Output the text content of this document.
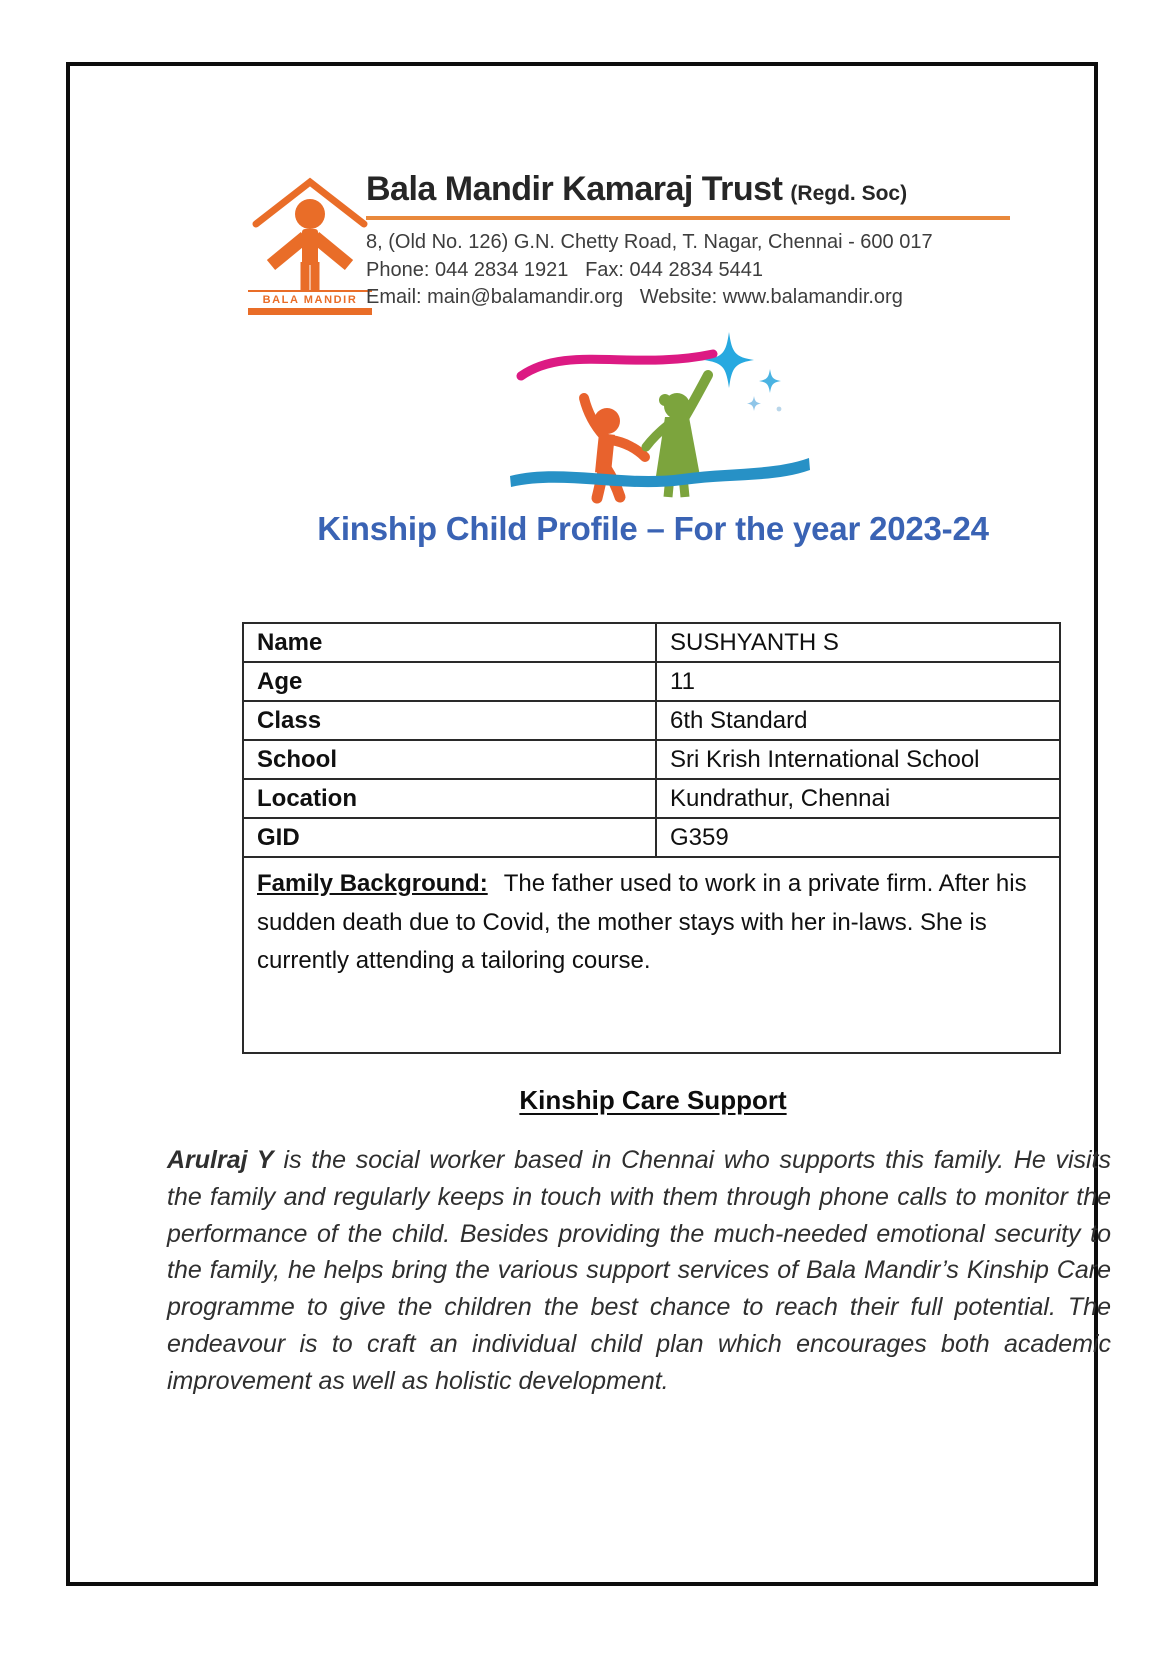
BALA MANDIR
Bala Mandir Kamaraj Trust (Regd. Soc)
8, (Old No. 126) G.N. Chetty Road, T. Nagar, Chennai - 600 017
Phone: 044 2834 1921   Fax: 044 2834 5441
Email: main@balamandir.org   Website: www.balamandir.org
Kinship Child Profile – For the year 2023-24
Name	SUSHYANTH S
Age	11
Class	6th Standard
School	Sri Krish International School
Location	Kundrathur, Chennai
GID	G359
Family Background: The father used to work in a private firm. After his sudden death due to Covid, the mother stays with her in-laws. She is currently attending a tailoring course.	
Kinship Care Support

Arulraj Y is the social worker based in Chennai who supports this family. He visits the family and regularly keeps in touch with them through phone calls to monitor the performance of the child. Besides providing the much-needed emotional security to the family, he helps bring the various support services of Bala Mandir’s Kinship Care programme to give the children the best chance to reach their full potential. The endeavour is to craft an individual child plan which encourages both academic improvement as well as holistic development.
